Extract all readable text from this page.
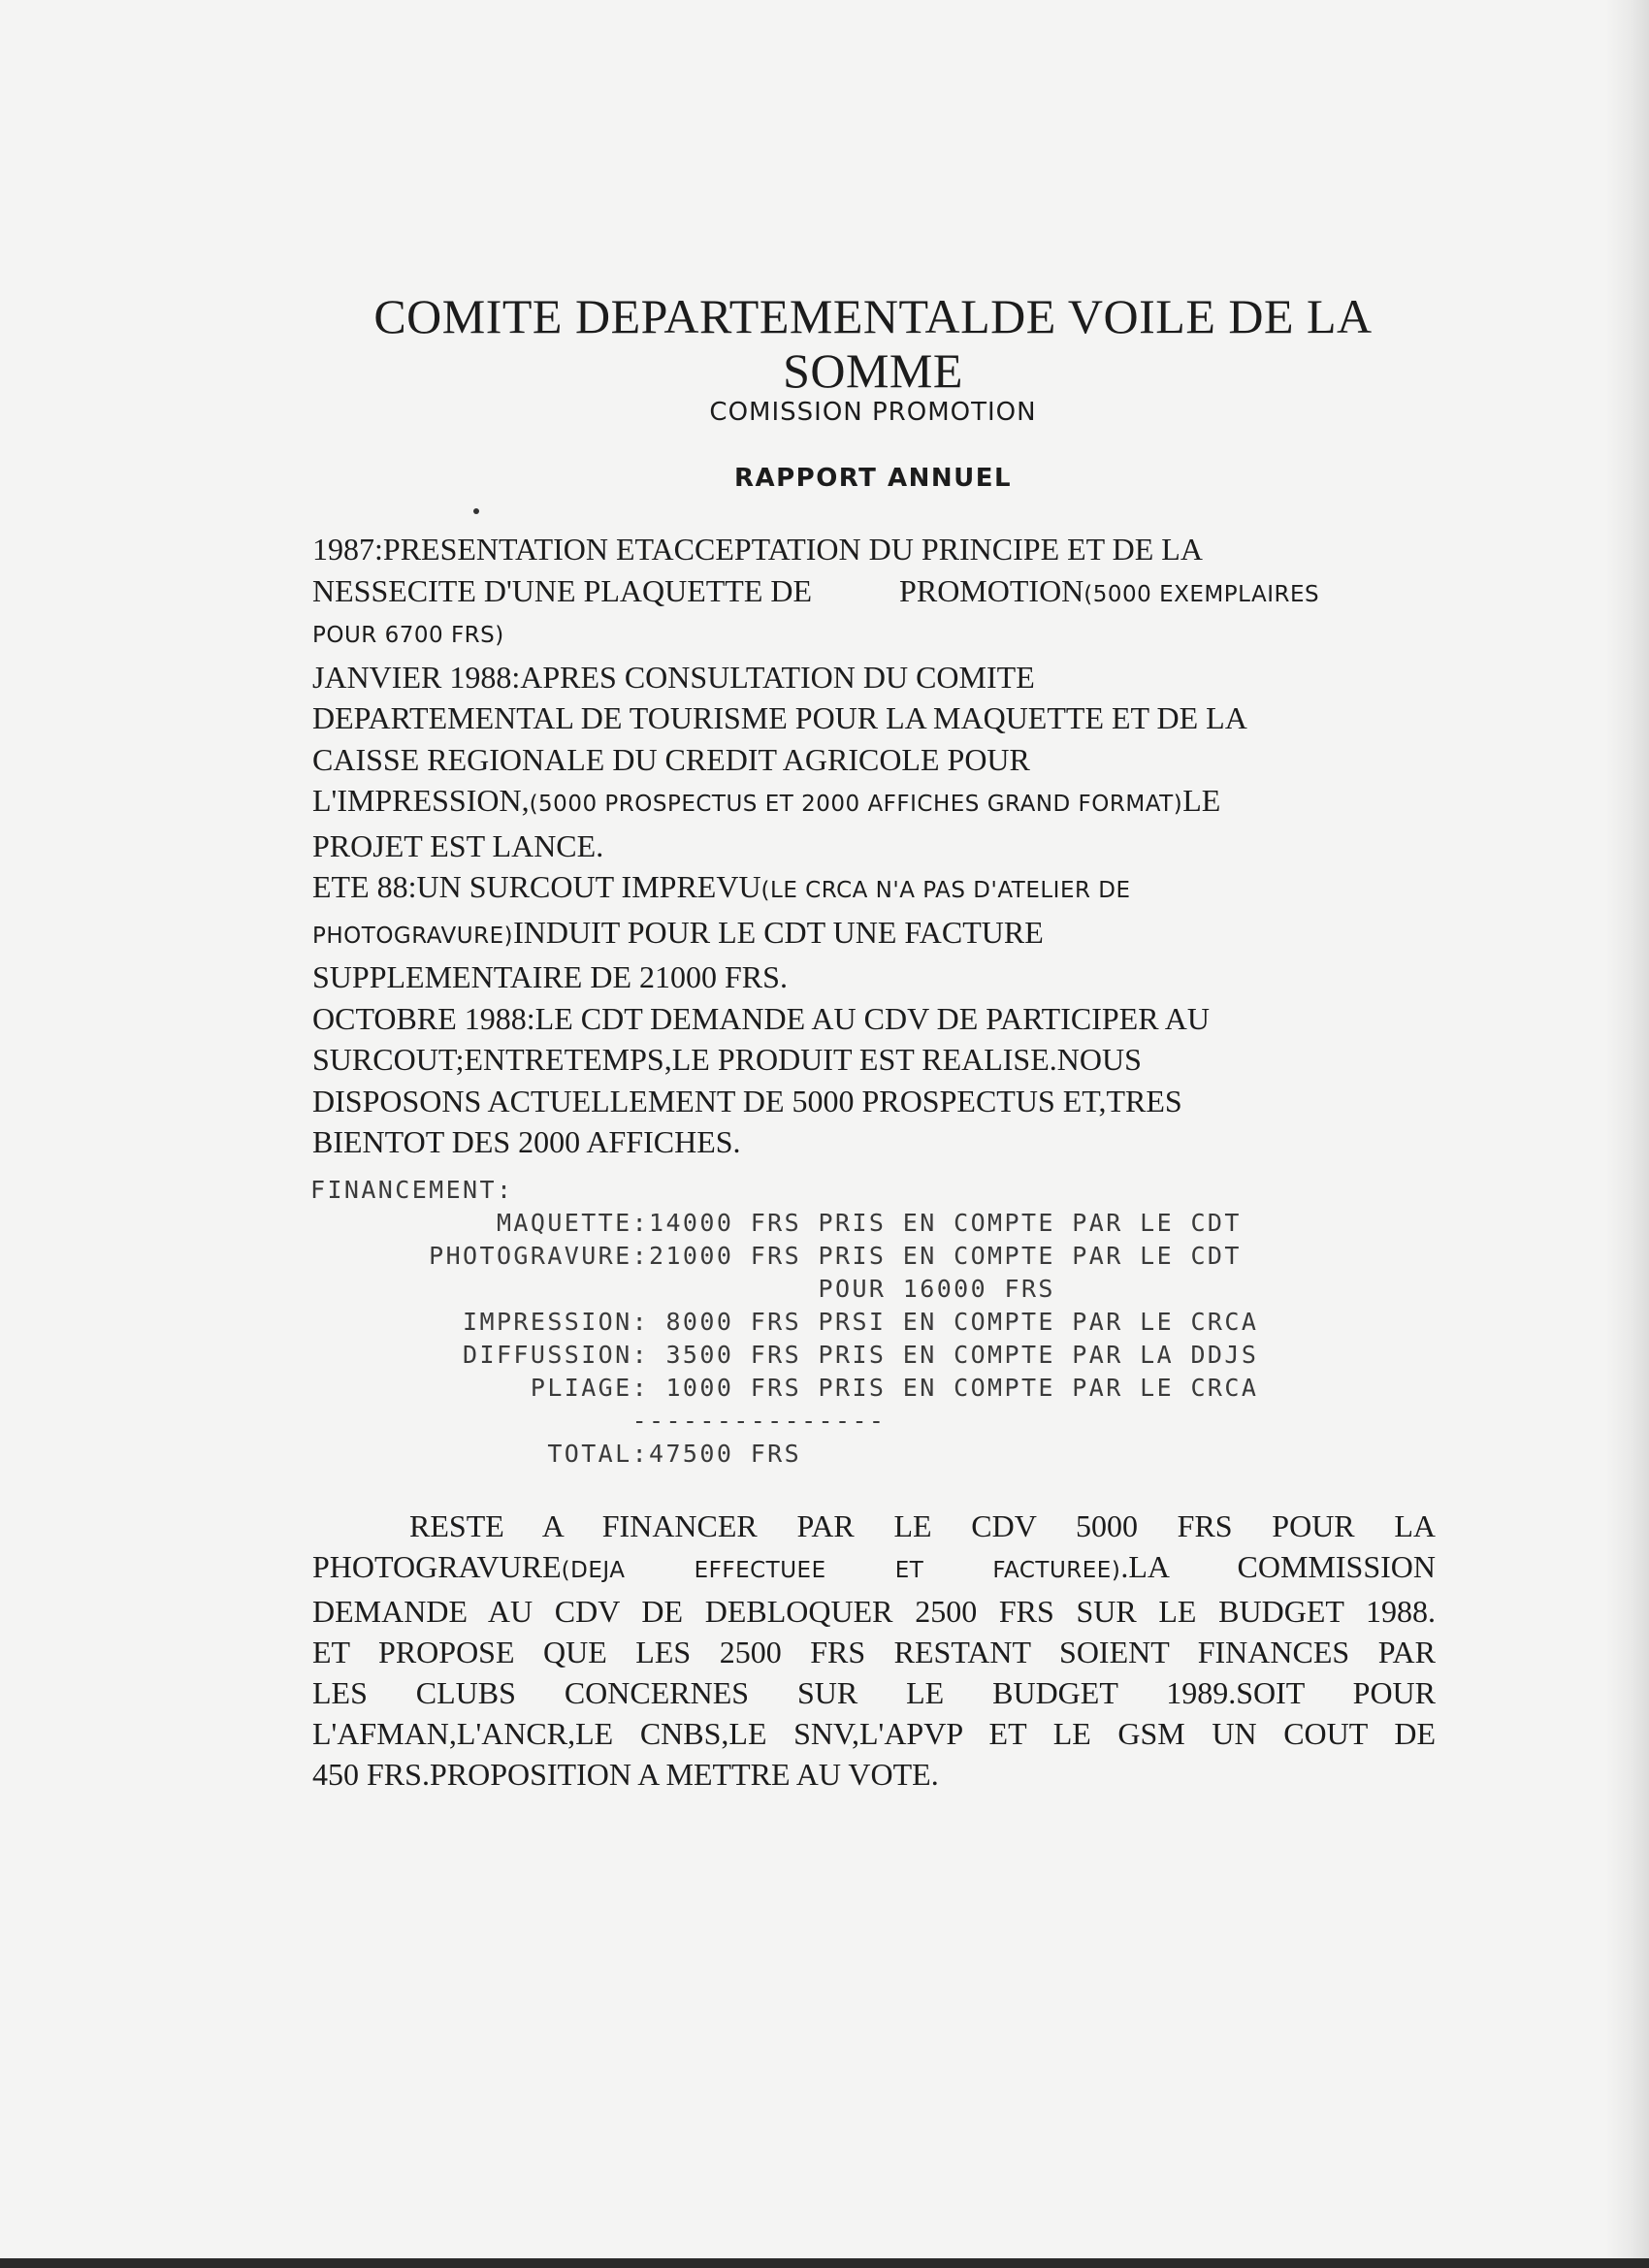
COMITE DEPARTEMENTALDE VOILE DE LA
SOMME
COMISSION PROMOTION
RAPPORT ANNUEL
1987:PRESENTATION ETACCEPTATION DU PRINCIPE ET DE LA
NESSECITE D'UNE PLAQUETTE DE	PROMOTION(5000 EXEMPLAIRES
POUR 6700 FRS)
JANVIER 1988:APRES CONSULTATION DU COMITE
DEPARTEMENTAL DE TOURISME POUR LA MAQUETTE ET DE LA
CAISSE REGIONALE DU CREDIT AGRICOLE POUR
L'IMPRESSION,(5000 PROSPECTUS ET 2000 AFFICHES GRAND FORMAT)LE
PROJET EST LANCE.
ETE 88:UN SURCOUT IMPREVU(LE CRCA N'A PAS D'ATELIER DE
PHOTOGRAVURE)INDUIT POUR LE CDT UNE FACTURE
SUPPLEMENTAIRE DE 21000 FRS.
OCTOBRE 1988:LE CDT DEMANDE AU CDV DE PARTICIPER AU
SURCOUT;ENTRETEMPS,LE PRODUIT EST REALISE.NOUS
DISPOSONS ACTUELLEMENT DE 5000 PROSPECTUS ET,TRES
BIENTOT DES 2000 AFFICHES.
FINANCEMENT:
MAQUETTE:14000 FRS PRIS EN COMPTE PAR LE CDT
PHOTOGRAVURE:21000 FRS PRIS EN COMPTE PAR LE CDT
POUR 16000 FRS
IMPRESSION: 8000 FRS PRSI EN COMPTE PAR LE CRCA
DIFFUSSION: 3500 FRS PRIS EN COMPTE PAR LA DDJS
PLIAGE: 1000 FRS PRIS EN COMPTE PAR LE CRCA
---------------
TOTAL:47500 FRS
RESTE A FINANCER PAR LE CDV 5000 FRS POUR LA
PHOTOGRAVURE(DEJA EFFECTUEE ET FACTUREE).LA COMMISSION
DEMANDE AU CDV DE DEBLOQUER 2500 FRS SUR LE BUDGET 1988.
ET PROPOSE QUE LES 2500 FRS RESTANT SOIENT FINANCES PAR
LES CLUBS CONCERNES SUR LE BUDGET 1989.SOIT POUR
L'AFMAN,L'ANCR,LE CNBS,LE SNV,L'APVP ET LE GSM UN COUT DE
450 FRS.PROPOSITION A METTRE AU VOTE.
